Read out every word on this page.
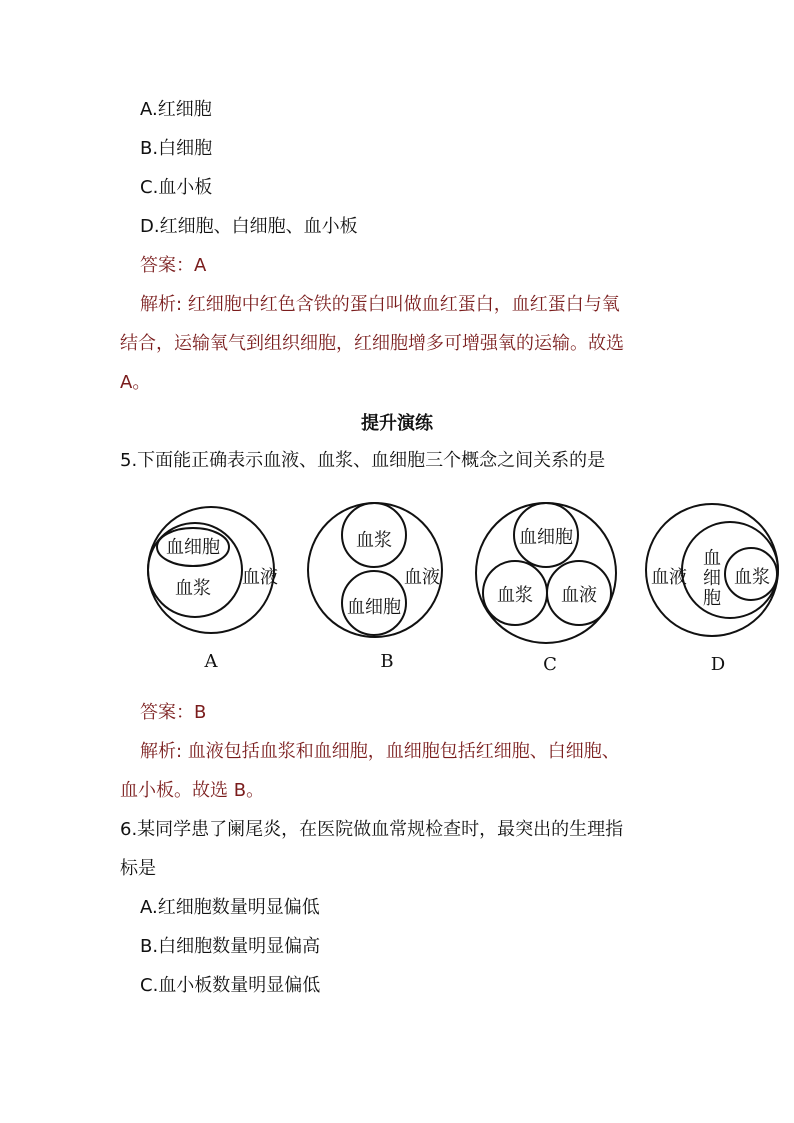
A.红细胞
B.白细胞
C.血小板
D.红细胞、白细胞、血小板
答案：A
解析: 红细胞中红色含铁的蛋白叫做血红蛋白，血红蛋白与氧
结合，运输氧气到组织细胞，红细胞增多可增强氧的运输。故选
A。
提升演练
5.下面能正确表示血液、血浆、血细胞三个概念之间关系的是
血细胞
血浆
血液
A
血浆
血细胞
血液
B
血细胞
血浆 血液
C
血液
血
细
胞
血浆
D
答案：B
解析: 血液包括血浆和血细胞，血细胞包括红细胞、白细胞、
血小板。故选 B。
6.某同学患了阑尾炎，在医院做血常规检查时，最突出的生理指
标是
A.红细胞数量明显偏低
B.白细胞数量明显偏高
C.血小板数量明显偏低
